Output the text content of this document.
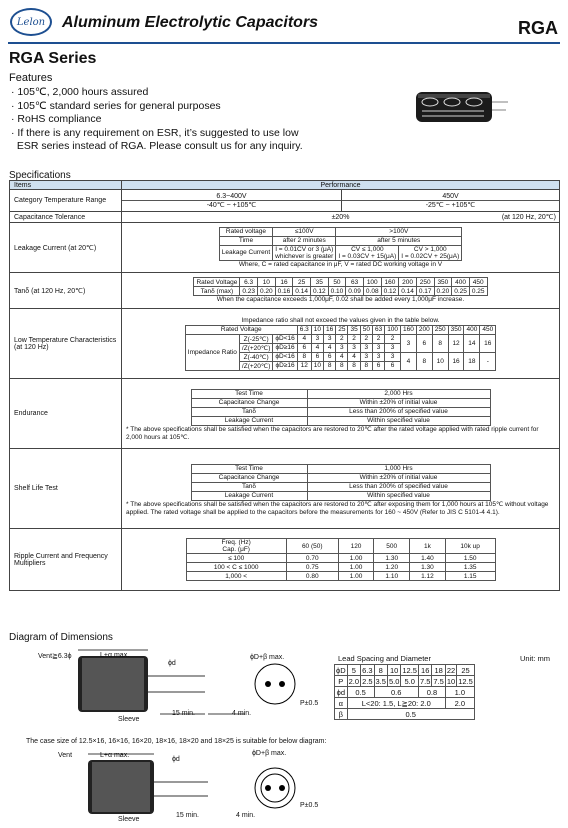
Lelon Aluminum Electrolytic Capacitors	RGA
RGA Series
Features
· 105℃, 2,000 hours assured
· 105℃ standard series for general purposes
· RoHS compliance
· If there is any requirement on ESR, it’s suggested to use low
ESR series instead of RGA. Please consult us for any inquiry.
Specifications
Items	Performance
Category Temperature Range	
6.3~400V
-40℃ ~ +105℃

450V
-25℃ ~ +105℃

Capacitance Tolerance	±20%	(at 120 Hz, 20℃)

Leakage Current (at 20℃)	
Rated voltage	≤100V	>100V
Time	after 2 minutes	after 5 minutes
Leakage Current	I = 0.01CV or 3 (μA)
whichever is greater

CV ≤ 1,000
I = 0.03CV + 15(μA)

CV > 1,000
I = 0.02CV + 25(μA)
Where, C = rated capacitance in μF, V = rated DC working voltage in V

Tanδ (at 120 Hz, 20℃)	
Rated Voltage	6.3	10	16	25	35	50	63	100	160	200	250	350	400	450
Tanδ (max)	0.23	0.20	0.16	0.14	0.12	0.10	0.09	0.08	0.12	0.14	0.17	0.20	0.25	0.25
When the capacitance exceeds 1,000μF, 0.02 shall be added every 1,000μF increase.

Low Temperature Characteristics (at 120 Hz)	
Impedance ratio shall not exceed the values given in the table below.
Rated Voltage	6.3	10	16	25	35	50	63	100	160	200	250	350	400	450
Impedance Ratio	Z(-25℃)	ϕD<16	4	3	3	2	2	2	2	2	3	6	8	12	14	16
/Z(+20℃)	ϕD≥16	6	4	4	3	3	3	3	3
Z(-40℃)	ϕD<16	8	6	6	4	4	3	3	3	4	8	10	16	18	-
/Z(+20℃)	ϕD≥16	12	10	8	8	8	8	6	6

Endurance	
Test Time	2,000 Hrs
Capacitance Change	Within ±20% of initial value
Tanδ	Less than 200% of specified value
Leakage Current	Within specified value
* The above specifications shall be satisfied when the capacitors are restored to 20℃ after the rated voltage applied with rated ripple current for 2,000 hours at 105℃.

Shelf Life Test	
Test Time	1,000 Hrs
Capacitance Change	Within ±20% of initial value
Tanδ	Less than 200% of specified value
Leakage Current	Within specified value
* The above specifications shall be satisfied when the capacitors are restored to 20℃ after exposing them for 1,000 hours at 105℃ without voltage applied. The rated voltage shall be applied to the capacitors before the measurements for 160 ~ 450V (Refer to JIS C 5101-4 4.1).

Ripple Current and Frequency Multipliers	
Freq. (Hz)
Cap. (μF)	60 (50)	120	500	1k	10k up
≤ 100	0.70	1.00	1.30	1.40	1.50
100 < C ≤ 1000	0.75	1.00	1.20	1.30	1.35
1,000 <	0.80	1.00	1.10	1.12	1.15
Diagram of Dimensions
Vent≧6.3ϕ	L+α max.	ϕD+β max.
ϕd
Sleeve
15 min.	4 min.
P±0.5
Lead Spacing and Diameter	Unit: mm
ϕD	5	6.3	8	10	12.5	16	18	22	25
P	2.0	2.5	3.5	5.0	5.0	7.5	7.5	10	12.5
ϕd	0.5		0.6			0.8		1.0	
α	L<20: 1.5, L≧20: 2.0							2.0	
β	0.5								
The case size of 12.5×16, 16×16, 16×20, 18×16, 18×20 and 18×25 is suitable for below diagram:
Vent	L+α max.	ϕD+β max.
ϕd
Sleeve
15 min.	4 min.
P±0.5
